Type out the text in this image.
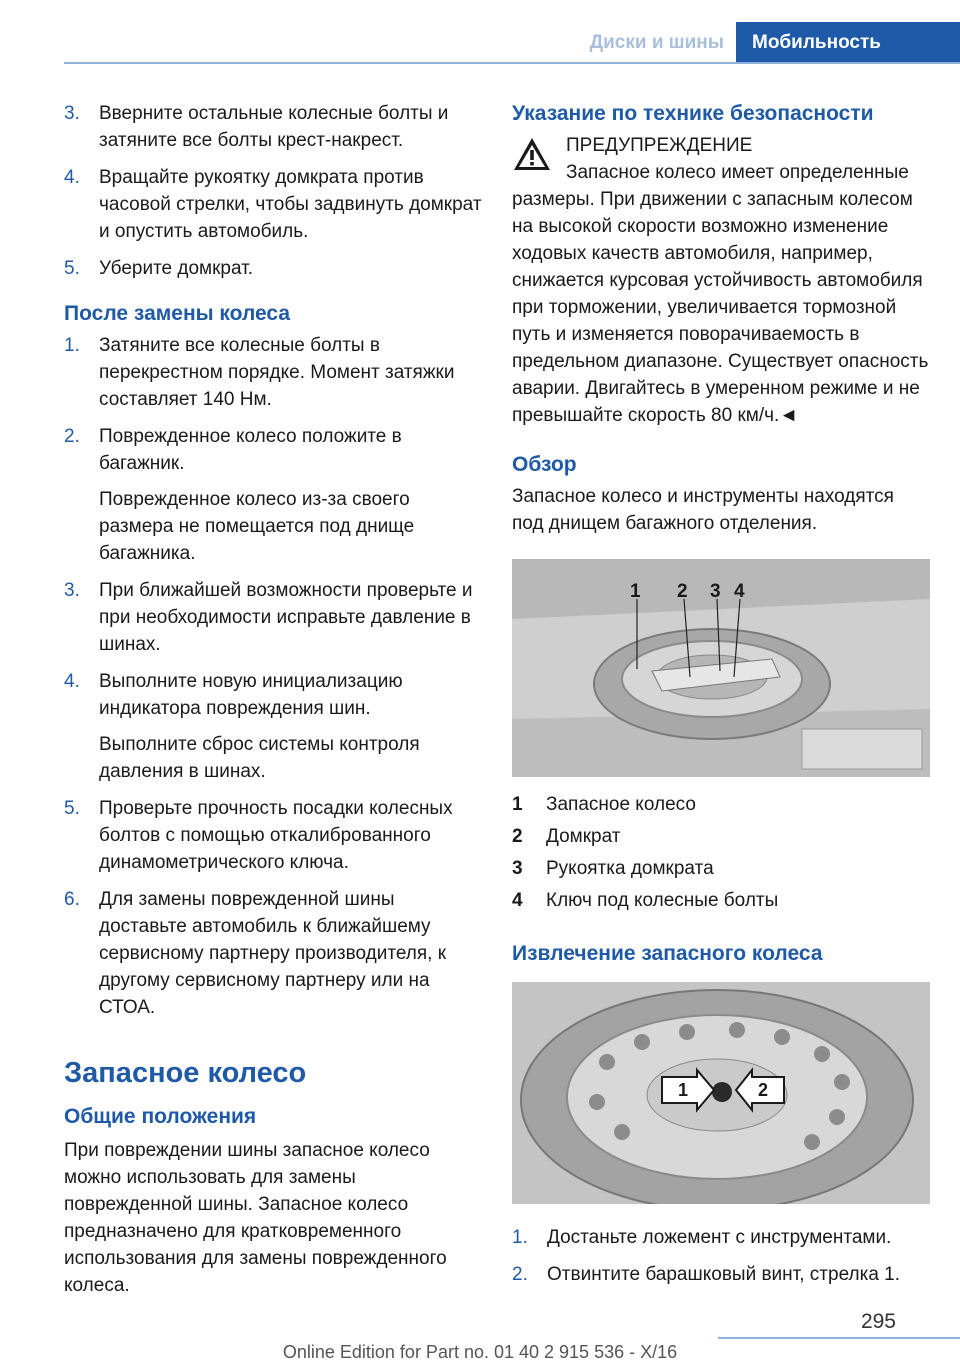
Диски и шины	Мобильность
3. Вверните остальные колесные болты и затяните все болты крест-накрест.
4. Вращайте рукоятку домкрата против часовой стрелки, чтобы задвинуть домкрат и опустить автомобиль.
5. Уберите домкрат.
После замены колеса
1. Затяните все колесные болты в перекрестном порядке. Момент затяжки составляет 140 Нм.
2. Поврежденное колесо положите в багажник.
Поврежденное колесо из-за своего размера не помещается под днище багажника.
3. При ближайшей возможности проверьте и при необходимости исправьте давление в шинах.
4. Выполните новую инициализацию индикатора повреждения шин.
Выполните сброс системы контроля давления в шинах.
5. Проверьте прочность посадки колесных болтов с помощью откалиброванного динамометрического ключа.
6. Для замены поврежденной шины доставьте автомобиль к ближайшему сервисному партнеру производителя, к другому сервисному партнеру или на СТОА.
Запасное колесо
Общие положения

При повреждении шины запасное колесо можно использовать для замены поврежденной шины. Запасное колесо предназначено для кратковременного использования для замены поврежденного колеса.

Указание по технике безопасности
ПРЕДУПРЕЖДЕНИЕ
Запасное колесо имеет определенные размеры. При движении с запасным колесом на высокой скорости возможно изменение ходовых качеств автомобиля, например, снижается курсовая устойчивость автомобиля при торможении, увеличивается тормозной путь и изменяется поворачиваемость в предельном диапазоне. Существует опасность аварии. Двигайтесь в умеренном режиме и не превышайте скорость 80 км/ч.◄
Обзор

Запасное колесо и инструменты находятся под днищем багажного отделения.

1 2 3 4
1 Запасное колесо
2 Домкрат
3 Рукоятка домкрата
4 Ключ под колесные болты
Извлечение запасного колеса
1	2
1. Достаньте ложемент с инструментами.
2. Отвинтите барашковый винт, стрелка 1.
295
Online Edition for Part no. 01 40 2 915 536 - X/16
